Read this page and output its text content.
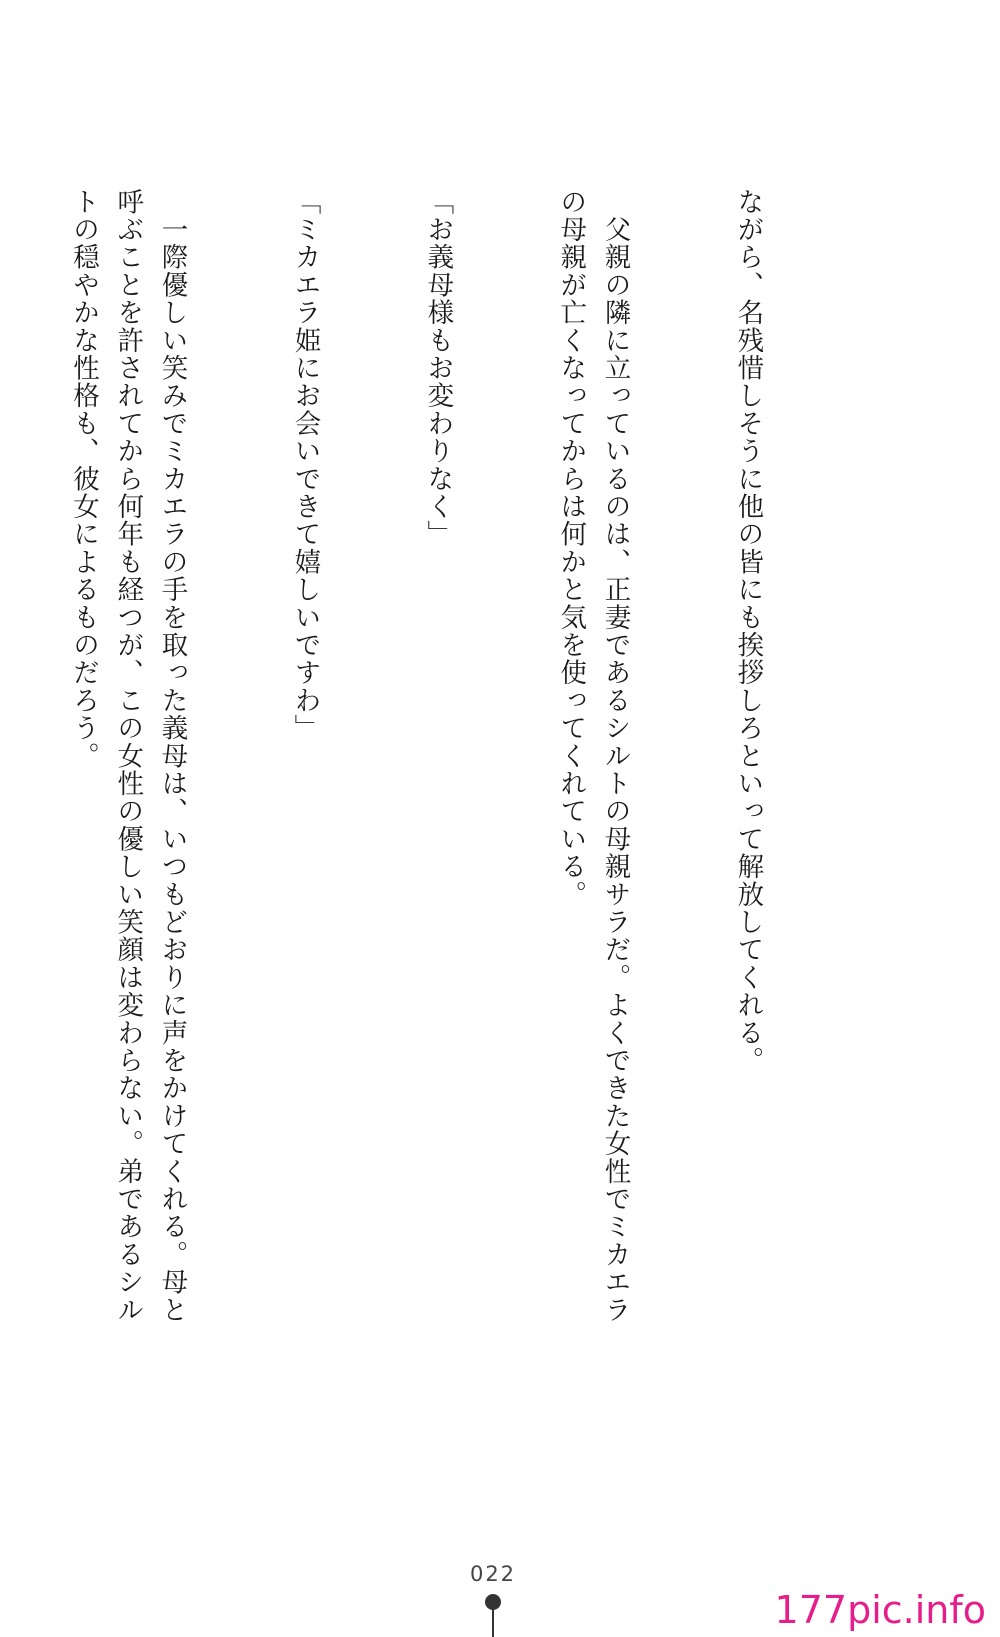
ながら、名残惜しそうに他の皆にも挨拶しろといって解放してくれる。

　父親の隣に立っているのは、正妻であるシルトの母親サラだ。よくできた女性でミカエラの母親が亡くなってからは何かと気を使ってくれている。

「お義母様もお変わりなく」

「ミカエラ姫にお会いできて嬉しいですわ」

　一際優しい笑みでミカエラの手を取った義母は、いつもどおりに声をかけてくれる。母と呼ぶことを許されてから何年も経つが、この女性の優しい笑顔は変わらない。弟であるシルトの穏やかな性格も、彼女によるものだろう。

022
177pic.info
